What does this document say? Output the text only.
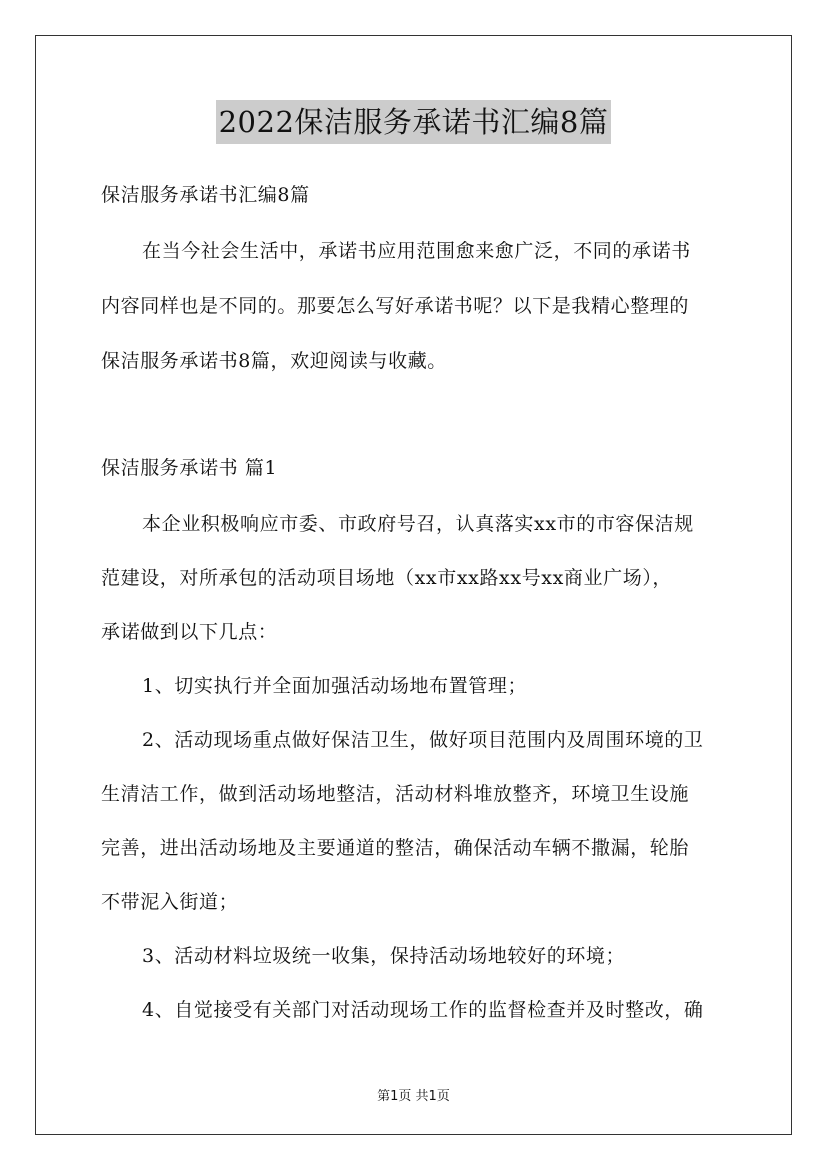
2022保洁服务承诺书汇编8篇
保洁服务承诺书汇编8篇
在当今社会生活中，承诺书应用范围愈来愈广泛，不同的承诺书
内容同样也是不同的。那要怎么写好承诺书呢？以下是我精心整理的
保洁服务承诺书8篇，欢迎阅读与收藏。
保洁服务承诺书 篇1
本企业积极响应市委、市政府号召，认真落实xx市的市容保洁规
范建设，对所承包的活动项目场地（xx市xx路xx号xx商业广场），
承诺做到以下几点：
1、切实执行并全面加强活动场地布置管理；
2、活动现场重点做好保洁卫生，做好项目范围内及周围环境的卫
生清洁工作，做到活动场地整洁，活动材料堆放整齐，环境卫生设施
完善，进出活动场地及主要通道的整洁，确保活动车辆不撒漏，轮胎
不带泥入街道；
3、活动材料垃圾统一收集，保持活动场地较好的环境；
4、自觉接受有关部门对活动现场工作的监督检查并及时整改，确
第1页 共1页
